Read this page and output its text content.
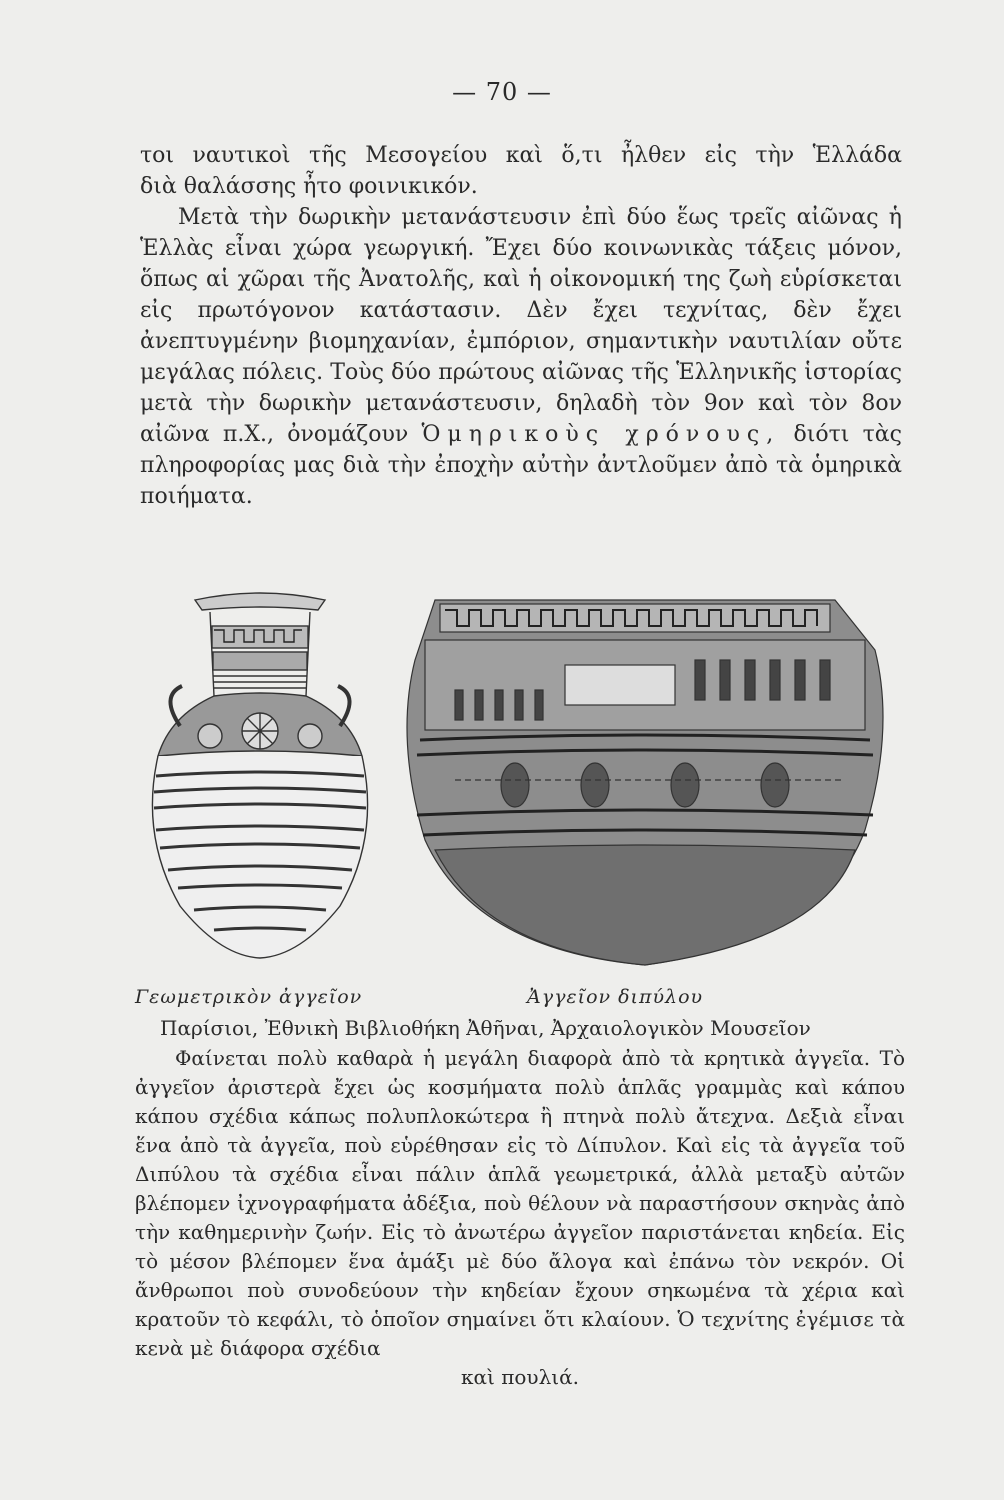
— 70 —

τοι ναυτικοὶ τῆς Μεσογείου καὶ ὅ,τι ἦλθεν εἰς τὴν Ἑλλάδα

διὰ θαλάσσης ἦτο φοινικικόν.

Μετὰ τὴν δωρικὴν μετανάστευσιν ἐπὶ δύο ἕως τρεῖς αἰῶνας ἡ Ἑλλὰς εἶναι χώρα γεωργική. Ἔχει δύο κοινωνικὰς τάξεις μόνον, ὅπως αἱ χῶραι τῆς Ἀνατολῆς, καὶ ἡ οἰκονομική της ζωὴ εὑρίσκεται εἰς πρωτόγονον κατάστασιν. Δὲν ἔχει τεχνίτας, δὲν ἔχει ἀνεπτυγμένην βιομηχανίαν, ἐμπόριον, σημαντικὴν ναυτιλίαν οὔτε μεγάλας πόλεις. Τοὺς δύο πρώτους αἰῶνας τῆς Ἑλληνικῆς ἱστορίας μετὰ τὴν δωρικὴν μετανάστευσιν, δηλαδὴ τὸν 9ον καὶ τὸν 8ον αἰῶνα π.Χ., ὀνομάζουν Ὁμηρικοὺς χρόνους, διότι τὰς πληροφορίας μας διὰ τὴν ἐποχὴν αὐτὴν ἀντλοῦμεν ἀπὸ τὰ ὁμηρικὰ ποιήματα.

Γεωμετρικὸν ἀγγεῖον	Ἀγγεῖον διπύλου
Παρίσιοι, Ἐθνικὴ Βιβλιοθήκη Ἀθῆναι, Ἀρχαιολογικὸν Μουσεῖον

Φαίνεται πολὺ καθαρὰ ἡ μεγάλη διαφορὰ ἀπὸ τὰ κρητικὰ ἀγγεῖα. Τὸ ἀγγεῖον ἀριστερὰ ἔχει ὡς κοσμήματα πολὺ ἁπλᾶς γραμμὰς καὶ κάπου κάπου σχέδια κάπως πολυπλοκώτερα ἢ πτηνὰ πολὺ ἄτεχνα. Δεξιὰ εἶναι ἕνα ἀπὸ τὰ ἀγγεῖα, ποὺ εὑρέθησαν εἰς τὸ Δίπυλον. Καὶ εἰς τὰ ἀγγεῖα τοῦ Διπύλου τὰ σχέδια εἶναι πάλιν ἁπλᾶ γεωμετρικά, ἀλλὰ μεταξὺ αὐτῶν βλέπομεν ἰχνογραφήματα ἀδέξια, ποὺ θέλουν νὰ παραστήσουν σκηνὰς ἀπὸ τὴν καθημερινὴν ζωήν. Εἰς τὸ ἀνωτέρω ἀγγεῖον παριστάνεται κηδεία. Εἰς τὸ μέσον βλέπομεν ἕνα ἁμάξι μὲ δύο ἄλογα καὶ ἐπάνω τὸν νεκρόν. Οἱ ἄνθρωποι ποὺ συνοδεύουν τὴν κηδείαν ἔχουν σηκωμένα τὰ χέρια καὶ κρατοῦν τὸ κεφάλι, τὸ ὁποῖον σημαίνει ὅτι κλαίουν. Ὁ τεχνίτης ἐγέμισε τὰ κενὰ μὲ διάφορα σχέδια

καὶ πουλιά.
